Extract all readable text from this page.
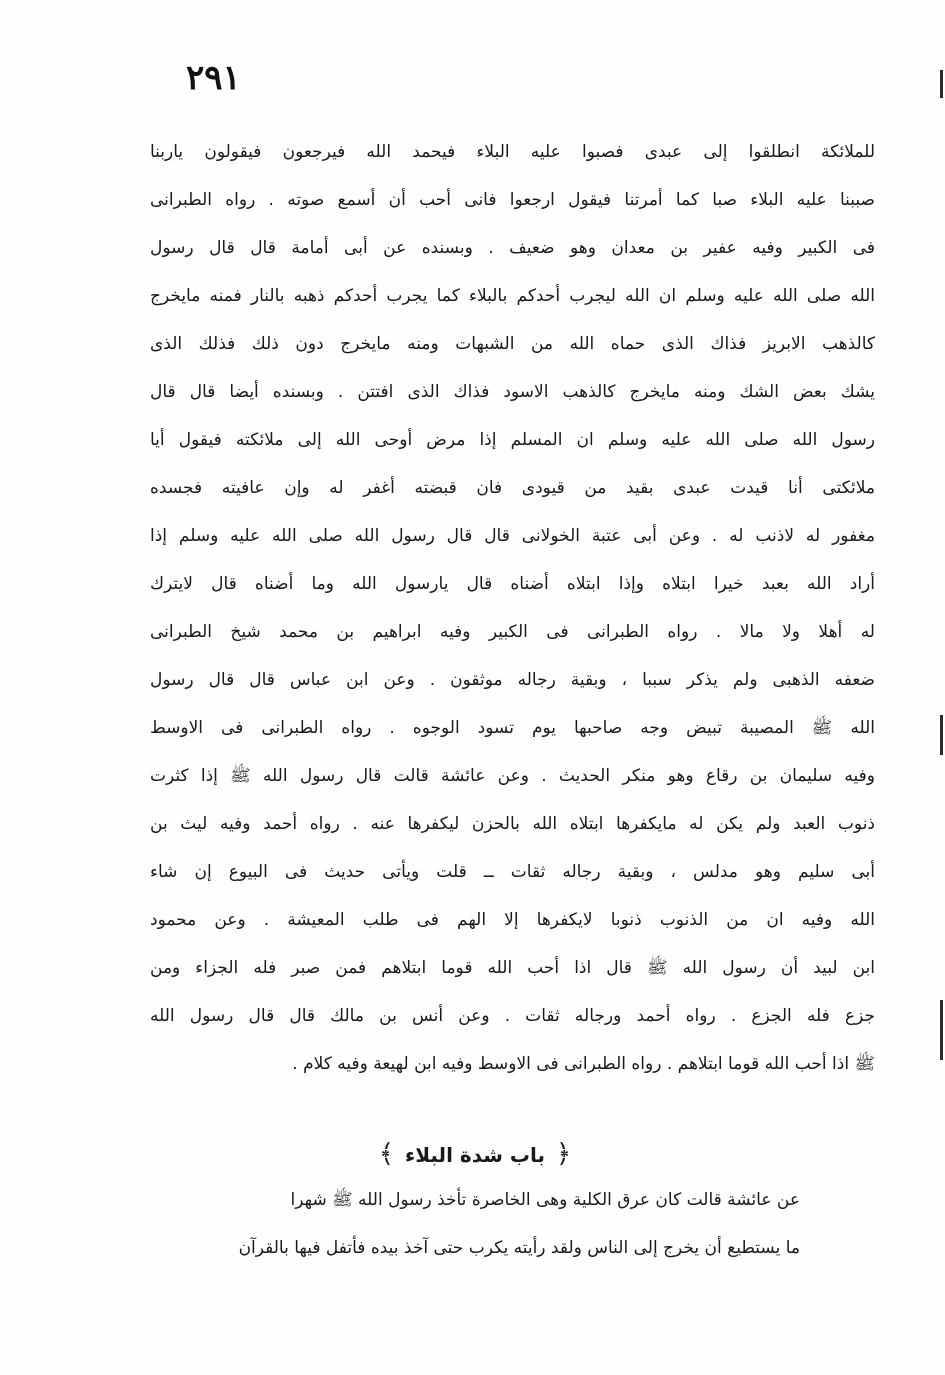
٢٩١
للملائكة انطلقوا إلى عبدى فصبوا عليه البلاء فيحمد الله فيرجعون فيقولون ياربنا
صببنا عليه البلاء صبا كما أمرتنا فيقول ارجعوا فانى أحب أن أسمع صوته . رواه الطبرانى
فى الكبير وفيه عفير بن معدان وهو ضعيف . وبسنده عن أبى أمامة قال قال رسول
الله صلى الله عليه وسلم ان الله ليجرب أحدكم بالبلاء كما يجرب أحدكم ذهبه بالنار فمنه مايخرج
كالذهب الابريز فذاك الذى حماه الله من الشبهات ومنه مايخرج دون ذلك فذلك الذى
يشك بعض الشك ومنه مايخرج كالذهب الاسود فذاك الذى افتتن . وبسنده أيضا قال قال
رسول الله صلى الله عليه وسلم ان المسلم إذا مرض أوحى الله إلى ملائكته فيقول أيا
ملائكتى أنا قيدت عبدى بقيد من قيودى فان قبضته أغفر له وإن عافيته فجسده
مغفور له لاذنب له . وعن أبى عتبة الخولانى قال قال رسول الله صلى الله عليه وسلم إذا
أراد الله بعبد خيرا ابتلاه وإذا ابتلاه أضناه قال يارسول الله وما أضناه قال لايترك
له أهلا ولا مالا . رواه الطبرانى فى الكبير وفيه ابراهيم بن محمد شيخ الطبرانى
ضعفه الذهبى ولم يذكر سببا ، وبقية رجاله موثقون . وعن ابن عباس قال قال رسول
الله ﷺ المصيبة تبيض وجه صاحبها يوم تسود الوجوه . رواه الطبرانى فى الاوسط
وفيه سليمان بن رقاع وهو منكر الحديث . وعن عائشة قالت قال رسول الله ﷺ إذا كثرت
ذنوب العبد ولم يكن له مايكفرها ابتلاه الله بالحزن ليكفرها عنه . رواه أحمد وفيه ليث بن
أبى سليم وهو مدلس ، وبقية رجاله ثقات ــ قلت ويأتى حديث فى البيوع إن شاء
الله وفيه ان من الذنوب ذنوبا لايكفرها إلا الهم فى طلب المعيشة . وعن محمود
ابن لبيد أن رسول الله ﷺ قال اذا أحب الله قوما ابتلاهم فمن صبر فله الجزاء ومن
جزع فله الجزع . رواه أحمد ورجاله ثقات . وعن أنس بن مالك قال قال رسول الله
ﷺ اذا أحب الله قوما ابتلاهم . رواه الطبرانى فى الاوسط وفيه ابن لهيعة وفيه كلام .
﴿ باب شدة البلاء ﴾
عن عائشة قالت كان عرق الكلية وهى الخاصرة تأخذ رسول الله ﷺ شهرا
ما يستطيع أن يخرج إلى الناس ولقد رأيته يكرب حتى آخذ بيده فأتفل فيها بالقرآن
